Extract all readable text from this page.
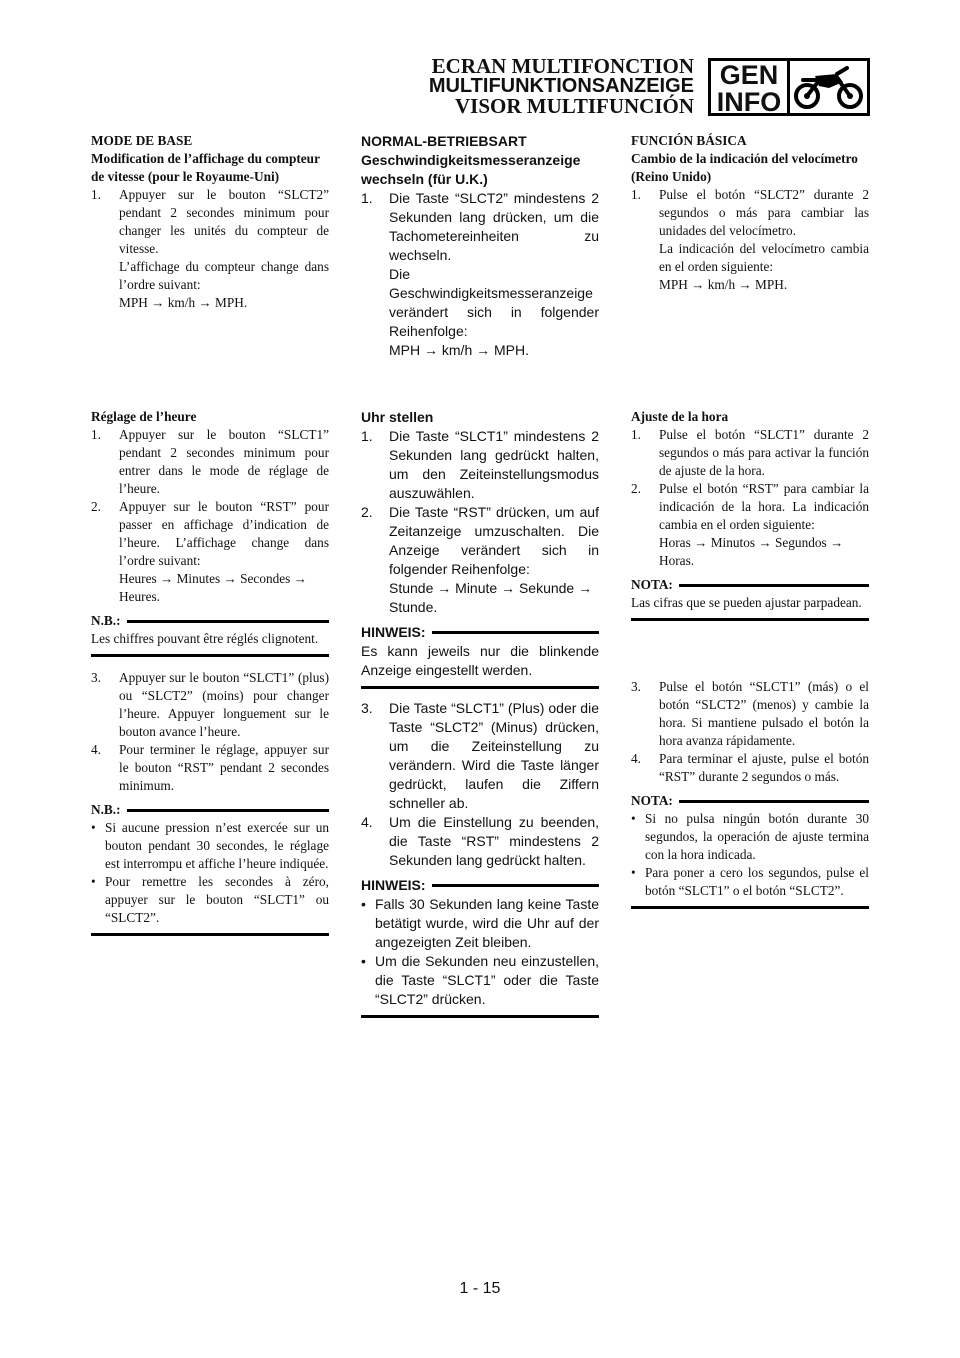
ECRAN MULTIFONCTION
MULTIFUNKTIONSANZEIGE
VISOR MULTIFUNCIÓN
GEN
INFO

MODE DE BASE

Modification de l’affichage du compteur de vitesse (pour le Royaume-Uni)

1. Appuyer sur le bouton “SLCT2” pendant 2 secondes minimum pour changer les unités du compteur de vitesse.

L’affichage du compteur change dans l’ordre suivant:

MPH → km/h → MPH.

Réglage de l’heure

1. Appuyer sur le bouton “SLCT1” pendant 2 secondes minimum pour entrer dans le mode de réglage de l’heure.
2. Appuyer sur le bouton “RST” pour passer en affichage d’indication de l’heure. L’affichage change dans l’ordre suivant:

Heures → Minutes → Secondes → Heures.

N.B.:

Les chiffres pouvant être réglés clignotent.

3. Appuyer sur le bouton “SLCT1” (plus) ou “SLCT2” (moins) pour changer l’heure. Appuyer longuement sur le bouton avance l’heure.
4. Pour terminer le réglage, appuyer sur le bouton “RST” pendant 2 secondes minimum.
N.B.:
• Si aucune pression n’est exercée sur un bouton pendant 30 secondes, le réglage est interrompu et affiche l’heure indiquée.
• Pour remettre les secondes à zéro, appuyer sur le bouton “SLCT1” ou “SLCT2”.

NORMAL-BETRIEBSART

Geschwindigkeitsmesseranzeige wechseln (für U.K.)

1. Die Taste “SLCT2” mindestens 2 Sekunden lang drücken, um die Tachometereinheiten zu wechseln.

Die Geschwindigkeitsmesseranzeige verändert sich in folgender Reihenfolge:

MPH → km/h → MPH.

Uhr stellen

1. Die Taste “SLCT1” mindestens 2 Sekunden lang gedrückt halten, um den Zeiteinstellungsmodus auszuwählen.
2. Die Taste “RST” drücken, um auf Zeitanzeige umzuschalten. Die Anzeige verändert sich in folgender Reihenfolge:

Stunde → Minute → Sekunde → Stunde.

HINWEIS:

Es kann jeweils nur die blinkende Anzeige eingestellt werden.

3. Die Taste “SLCT1” (Plus) oder die Taste “SLCT2” (Minus) drücken, um die Zeiteinstellung zu verändern. Wird die Taste länger gedrückt, laufen die Ziffern schneller ab.
4. Um die Einstellung zu beenden, die Taste “RST” mindestens 2 Sekunden lang gedrückt halten.
HINWEIS:
• Falls 30 Sekunden lang keine Taste betätigt wurde, wird die Uhr auf der angezeigten Zeit bleiben.
• Um die Sekunden neu einzustellen, die Taste “SLCT1” oder die Taste “SLCT2” drücken.

FUNCIÓN BÁSICA

Cambio de la indicación del velocímetro (Reino Unido)

1. Pulse el botón “SLCT2” durante 2 segundos o más para cambiar las unidades del velocímetro.

La indicación del velocímetro cambia en el orden siguiente:

MPH → km/h → MPH.

Ajuste de la hora

1. Pulse el botón “SLCT1” durante 2 segundos o más para activar la función de ajuste de la hora.
2. Pulse el botón “RST” para cambiar la indicación de la hora. La indicación cambia en el orden siguiente:

Horas → Minutos → Segundos → Horas.

NOTA:

Las cifras que se pueden ajustar parpadean.

3. Pulse el botón “SLCT1” (más) o el botón “SLCT2” (menos) y cambie la hora. Si mantiene pulsado el botón la hora avanza rápidamente.
4. Para terminar el ajuste, pulse el botón “RST” durante 2 segundos o más.
NOTA:
• Si no pulsa ningún botón durante 30 segundos, la operación de ajuste termina con la hora indicada.
• Para poner a cero los segundos, pulse el botón “SLCT1” o el botón “SLCT2”.
1 - 15
